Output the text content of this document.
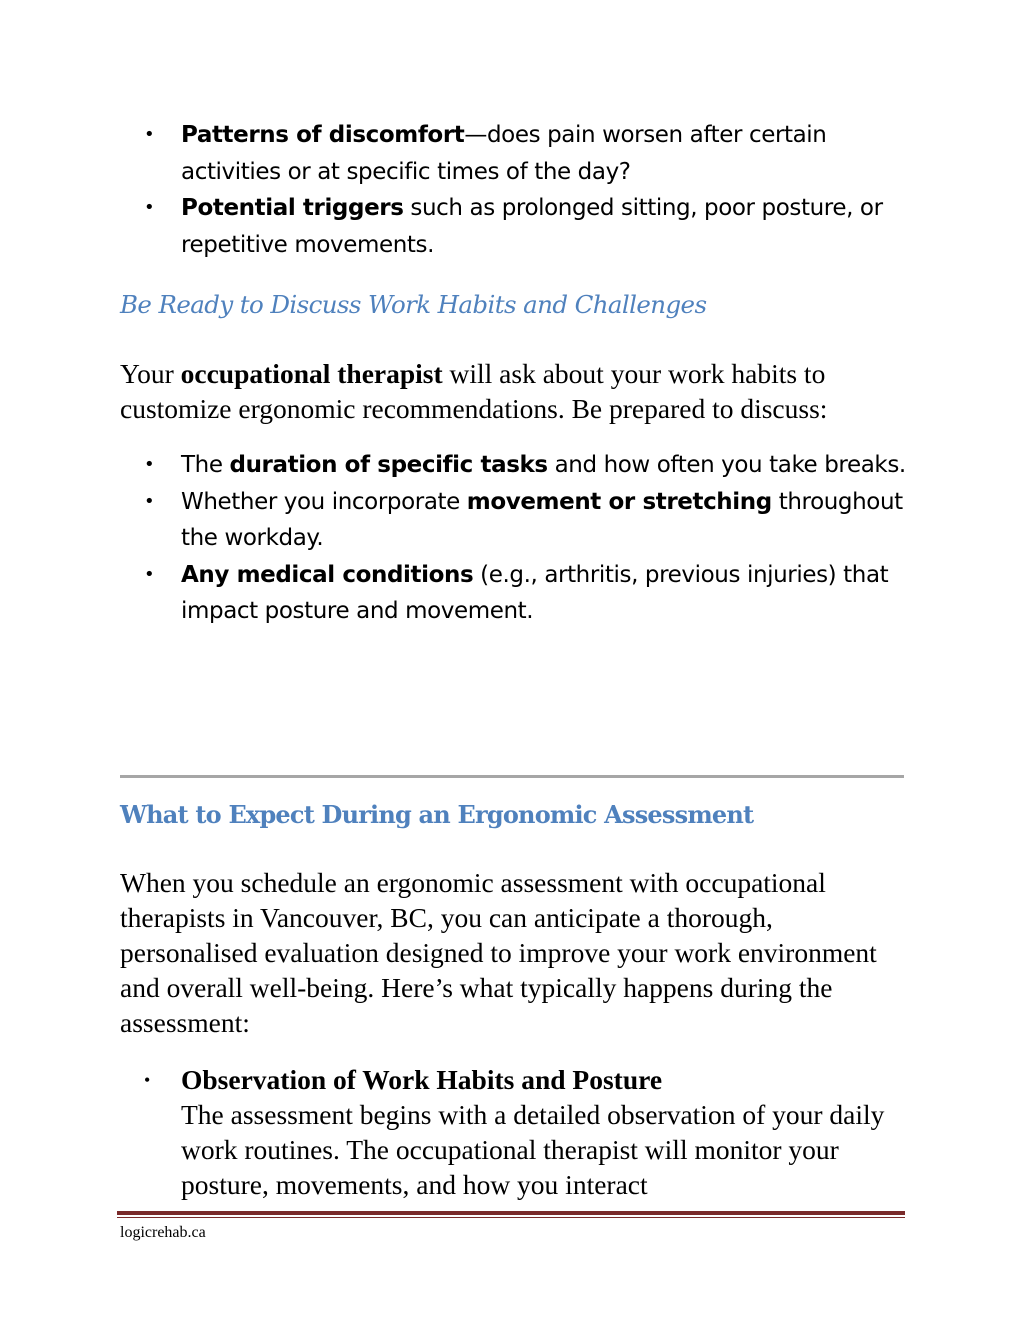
• Patterns of discomfort—does pain worsen after certain activities or at specific times of the day?
• Potential triggers such as prolonged sitting, poor posture, or repetitive movements.
Be Ready to Discuss Work Habits and Challenges

Your occupational therapist will ask about your work habits to customize ergonomic recommendations. Be prepared to discuss:

• The duration of specific tasks and how often you take breaks.
• Whether you incorporate movement or stretching throughout the workday.
• Any medical conditions (e.g., arthritis, previous injuries) that impact posture and movement.
What to Expect During an Ergonomic Assessment

When you schedule an ergonomic assessment with occupational therapists in Vancouver, BC, you can anticipate a thorough, personalised evaluation designed to improve your work environment and overall well-being. Here’s what typically happens during the assessment:

• Observation of Work Habits and Posture
The assessment begins with a detailed observation of your daily work routines. The occupational therapist will monitor your posture, movements, and how you interact
logicrehab.ca
